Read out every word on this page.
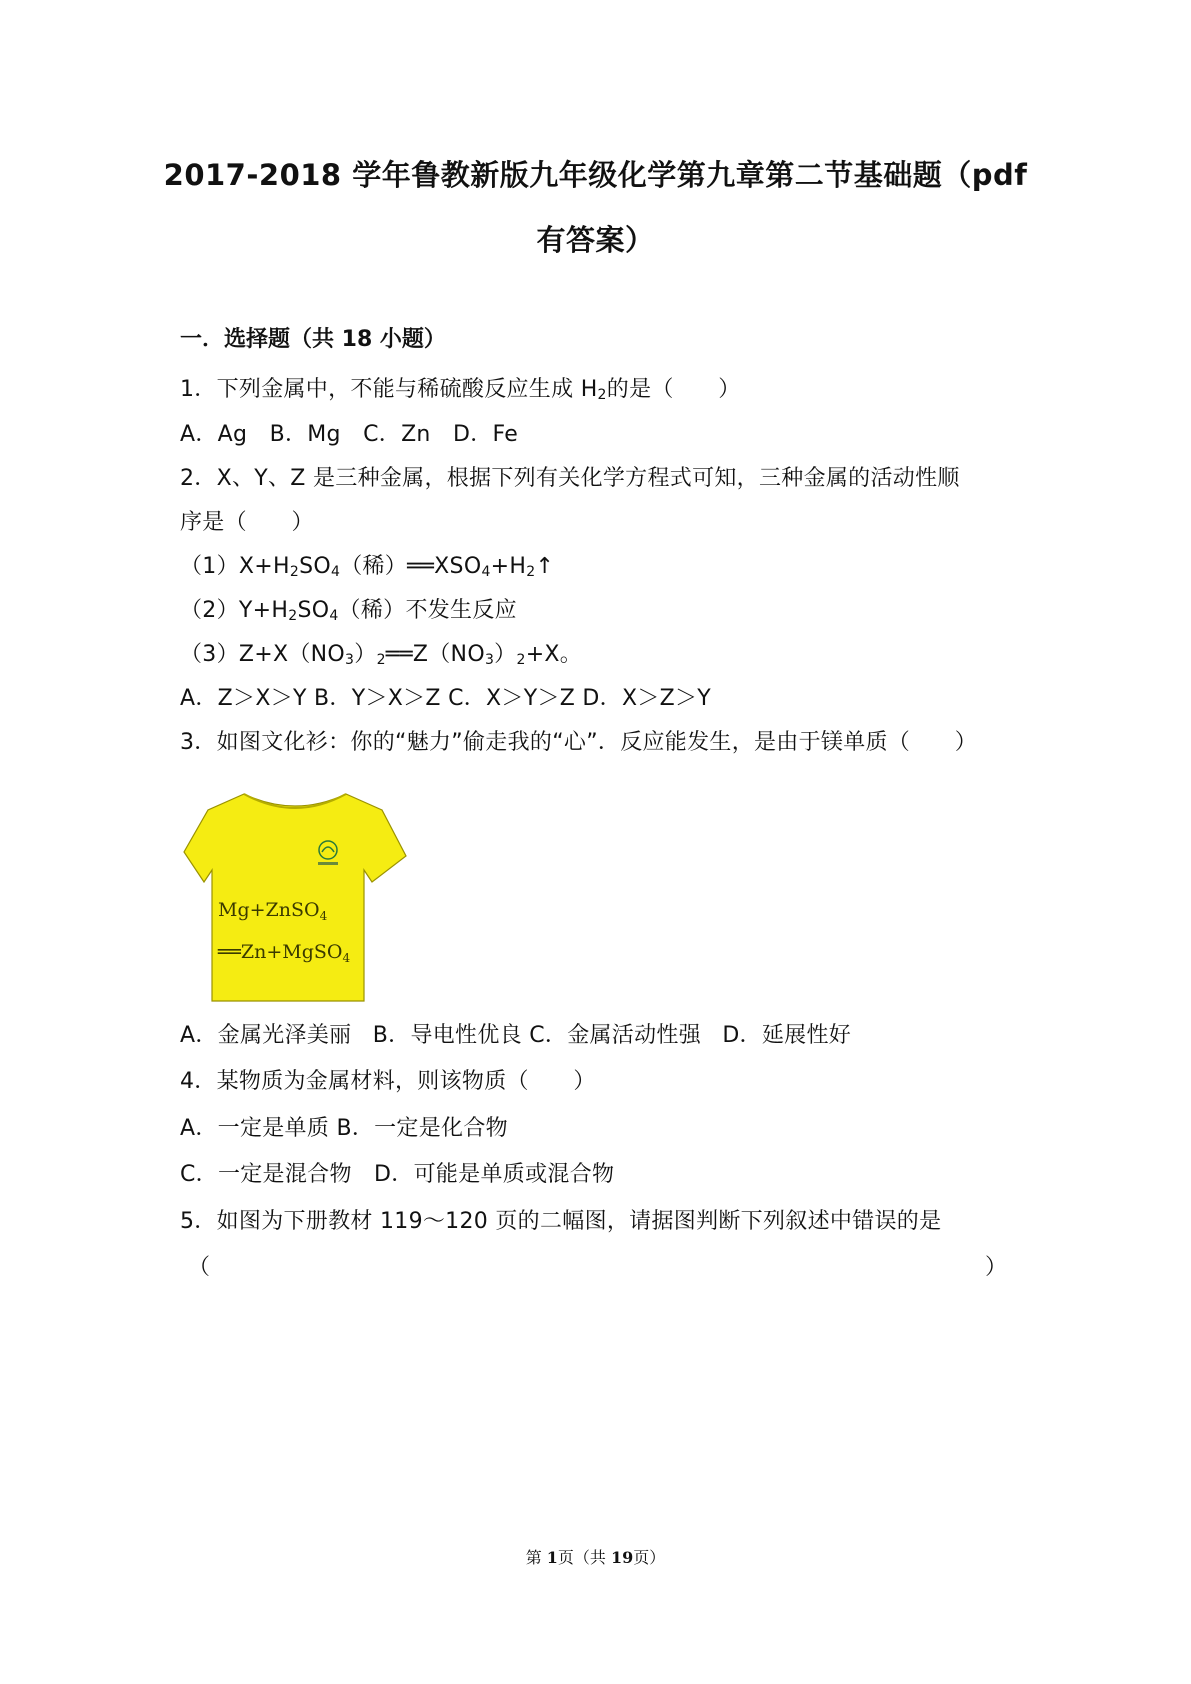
2017-2018 学年鲁教新版九年级化学第九章第二节基础题（pdf
有答案）
一．选择题（共 18 小题）
1．下列金属中，不能与稀硫酸反应生成 $H_2$的是（　　）
A．Ag　B．Mg　C．Zn　D．Fe
2．X、Y、Z 是三种金属，根据下列有关化学方程式可知，三种金属的活动性顺
序是（　　）
$(1)X+H_2SO_4$（稀）$══XSO_4+H_2↑$
$(2)Y+H_2SO_4$（稀）不发生反应
$(3)Z+X(NO_3)_2══Z(NO_3)_2+X$。
A．Z＞X＞Y B．Y＞X＞Z C．X＞Y＞Z D．X＞Z＞Y
3．如图文化衫：你的“魅力”偷走我的“心”．反应能发生，是由于镁单质（　　）
Mg+ZnSO$_4$
══Zn+MgSO$_4$
A．金属光泽美丽 B．导电性优良 C．金属活动性强 D．延展性好
4．某物质为金属材料，则该物质（　　）
A．一定是单质 B．一定是化合物
C．一定是混合物　D．可能是单质或混合物
5．如图为下册教材 119～120 页的二幅图，请据图判断下列叙述中错误的是
（	）
第 1页（共 19页）
